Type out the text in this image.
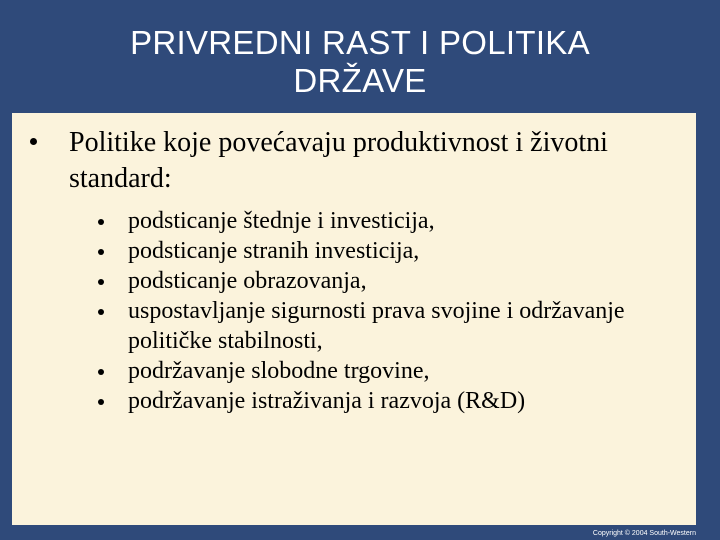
PRIVREDNI RAST I POLITIKA
DRŽAVE
Politike koje povećavaju produktivnost i životni standard:
podsticanje štednje i investicija,
podsticanje stranih investicija,
podsticanje obrazovanja,
uspostavljanje sigurnosti prava svojine i održavanje političke stabilnosti,
podržavanje slobodne trgovine,
podržavanje istraživanja i razvoja (R&D)
Copyright © 2004 South-Western
